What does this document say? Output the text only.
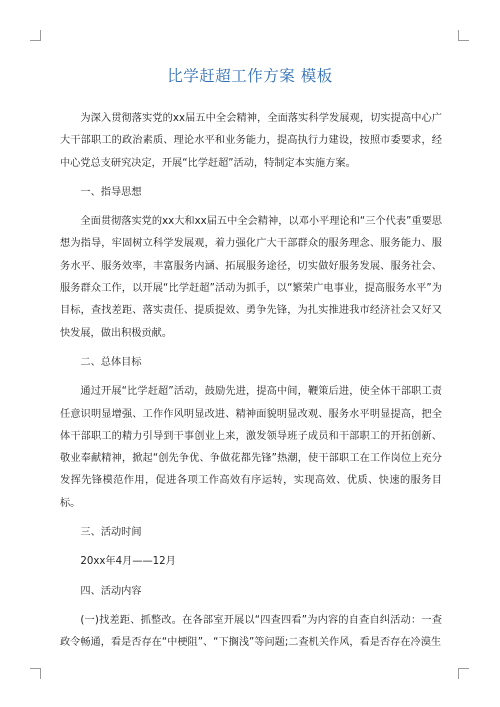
比学赶超工作方案 模板

为深入贯彻落实党的xx届五中全会精神，全面落实科学发展观，切实提高中心广大干部职工的政治素质、理论水平和业务能力，提高执行力建设，按照市委要求，经中心党总支研究决定，开展“比学赶超”活动，特制定本实施方案。

一、指导思想

全面贯彻落实党的xx大和xx届五中全会精神，以邓小平理论和“三个代表”重要思想为指导，牢固树立科学发展观，着力强化广大干部群众的服务理念、服务能力、服务水平、服务效率，丰富服务内涵、拓展服务途径，切实做好服务发展、服务社会、服务群众工作，以开展“比学赶超”活动为抓手，以“繁荣广电事业，提高服务水平”为目标，查找差距、落实责任、提质提效、勇争先锋，为扎实推进我市经济社会又好又快发展，做出积极贡献。

二、总体目标

通过开展“比学赶超”活动，鼓励先进，提高中间，鞭策后进，使全体干部职工责任意识明显增强、工作作风明显改进、精神面貌明显改观、服务水平明显提高，把全体干部职工的精力引导到干事创业上来，激发领导班子成员和干部职工的开拓创新、敬业奉献精神，掀起“创先争优、争做花都先锋”热潮，使干部职工在工作岗位上充分发挥先锋模范作用，促进各项工作高效有序运转，实现高效、优质、快速的服务目标。

三、活动时间

20xx年4月——12月

四、活动内容

(一)找差距、抓整改。在各部室开展以“四查四看”为内容的自查自纠活动：一查政令畅通，看是否存在“中梗阻”、“下搁浅”等问题;二查机关作风，看是否存在冷漠生
